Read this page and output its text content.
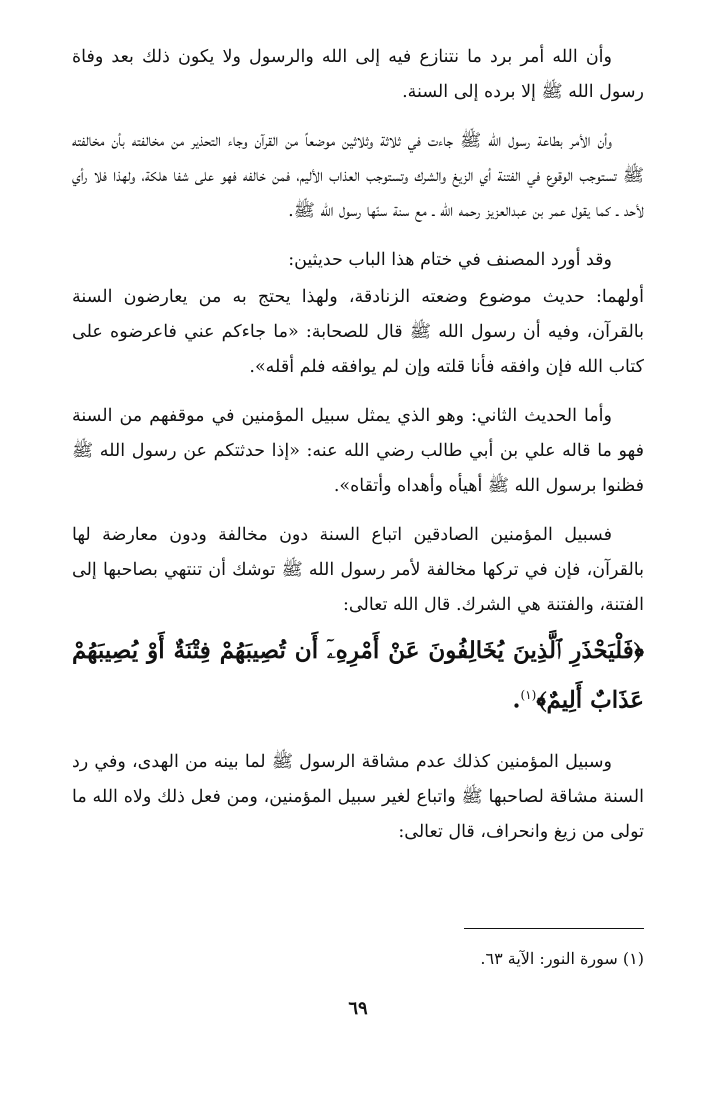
وأن الله أمر برد ما نتنازع فيه إلى الله والرسول ولا يكون ذلك بعد وفاة رسول الله ﷺ إلا برده إلى السنة.

وأن الأمر بطاعة رسول الله ﷺ جاءت في ثلاثة وثلاثين موضعاً من القرآن وجاء التحذير من مخالفته بأن مخالفته ﷺ تستوجب الوقوع في الفتنة أي الزيغ والشرك وتستوجب العذاب الأليم، فمن خالفه فهو على شفا هلكة، ولهذا فلا رأي لأحد ـ كما يقول عمر بن عبدالعزيز رحمه الله ـ مع سنة سنّها رسول الله ﷺ.

وقد أورد المصنف في ختام هذا الباب حديثين:

أولهما: حديث موضوع وضعته الزنادقة، ولهذا يحتج به من يعارضون السنة بالقرآن، وفيه أن رسول الله ﷺ قال للصحابة: «ما جاءكم عني فاعرضوه على كتاب الله فإن وافقه فأنا قلته وإن لم يوافقه فلم أقله».

وأما الحديث الثاني: وهو الذي يمثل سبيل المؤمنين في موقفهم من السنة فهو ما قاله علي بن أبي طالب رضي الله عنه: «إذا حدثتكم عن رسول الله ﷺ فظنوا برسول الله ﷺ أهيأه وأهداه وأتقاه».

فسبيل المؤمنين الصادقين اتباع السنة دون مخالفة ودون معارضة لها بالقرآن، فإن في تركها مخالفة لأمر رسول الله ﷺ توشك أن تنتهي بصاحبها إلى الفتنة، والفتنة هي الشرك. قال الله تعالى:

﴿فَلْيَحْذَرِ ٱلَّذِينَ يُخَالِفُونَ عَنْ أَمْرِهِۦٓ أَن تُصِيبَهُمْ فِتْنَةٌ أَوْ يُصِيبَهُمْ عَذَابٌ أَلِيمٌ﴾$^{(١)}$.

وسبيل المؤمنين كذلك عدم مشاقة الرسول ﷺ لما بينه من الهدى، وفي رد السنة مشاقة لصاحبها ﷺ واتباع لغير سبيل المؤمنين، ومن فعل ذلك ولاه الله ما تولى من زيغ وانحراف، قال تعالى:

(١) سورة النور: الآية ٦٣.
٦٩
